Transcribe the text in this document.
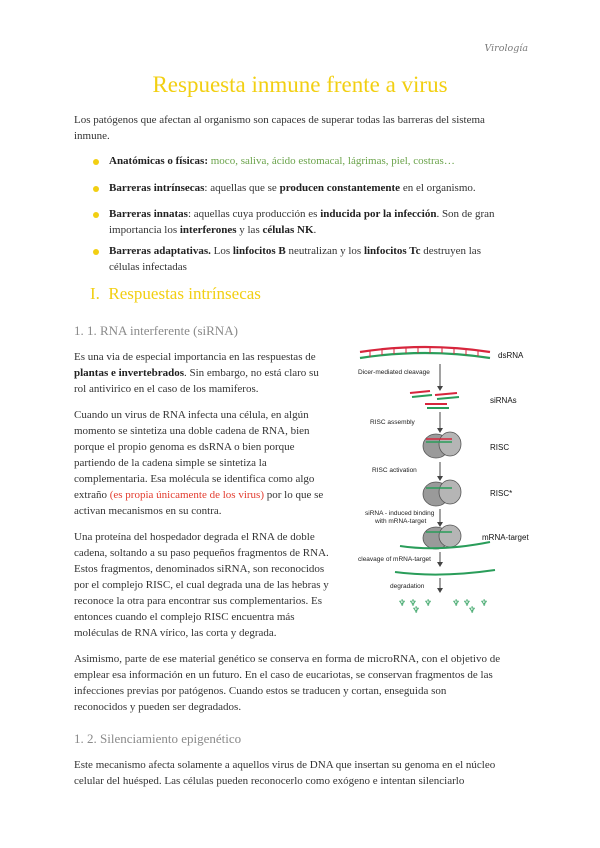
Virología
Respuesta inmune frente a virus
Los patógenos que afectan al organismo son capaces de superar todas las barreras del sistema
inmune.
Anatómicas o físicas: moco, saliva, ácido estomacal, lágrimas, piel, costras…
Barreras intrínsecas: aquellas que se producen constantemente en el organismo.
Barreras innatas: aquellas cuya producción es inducida por la infección. Son de gran
importancia los interferones y las células NK.
Barreras adaptativas. Los linfocitos B neutralizan y los linfocitos Tc destruyen las
células infectadas
I. Respuestas intrínsecas
1. 1. RNA interferente (siRNA)
Es una via de especial importancia en las respuestas de
plantas e invertebrados. Sin embargo, no está claro su
rol antivirico en el caso de los mamiferos.
Cuando un virus de RNA infecta una célula, en algún
momento se sintetiza una doble cadena de RNA, bien
porque el propio genoma es dsRNA o bien porque
partiendo de la cadena simple se sintetiza la
complementaria. Esa molécula se identifica como algo
extraño (es propia únicamente de los virus) por lo que se
activan mecanismos en su contra.
Una proteína del hospedador degrada el RNA de doble
cadena, soltando a su paso pequeños fragmentos de RNA.
Estos fragmentos, denominados siRNA, son reconocidos
por el complejo RISC, el cual degrada una de las hebras y
reconoce la otra para encontrar sus complementarios. Es
entonces cuando el complejo RISC encuentra más
moléculas de RNA vírico, las corta y degrada.
dsRNA
Dicer-mediated cleavage
siRNAs
RISC assembly
RISC
RISC activation
RISC*
siRNA - induced binding
with mRNA-target
mRNA-target
cleavage of mRNA-target
degradation
♆ ♆
♆
♆ ♆ ♆
♆
♆
Asimismo, parte de ese material genético se conserva en forma de microRNA, con el objetivo de
emplear esa información en un futuro. En el caso de eucariotas, se conservan fragmentos de las
infecciones previas por patógenos. Cuando estos se traducen y cortan, enseguida son
reconocidos y pueden ser degradados.
1. 2. Silenciamiento epigenético
Este mecanismo afecta solamente a aquellos virus de DNA que insertan su genoma en el núcleo
celular del huésped. Las células pueden reconocerlo como exógeno e intentan silenciarlo
